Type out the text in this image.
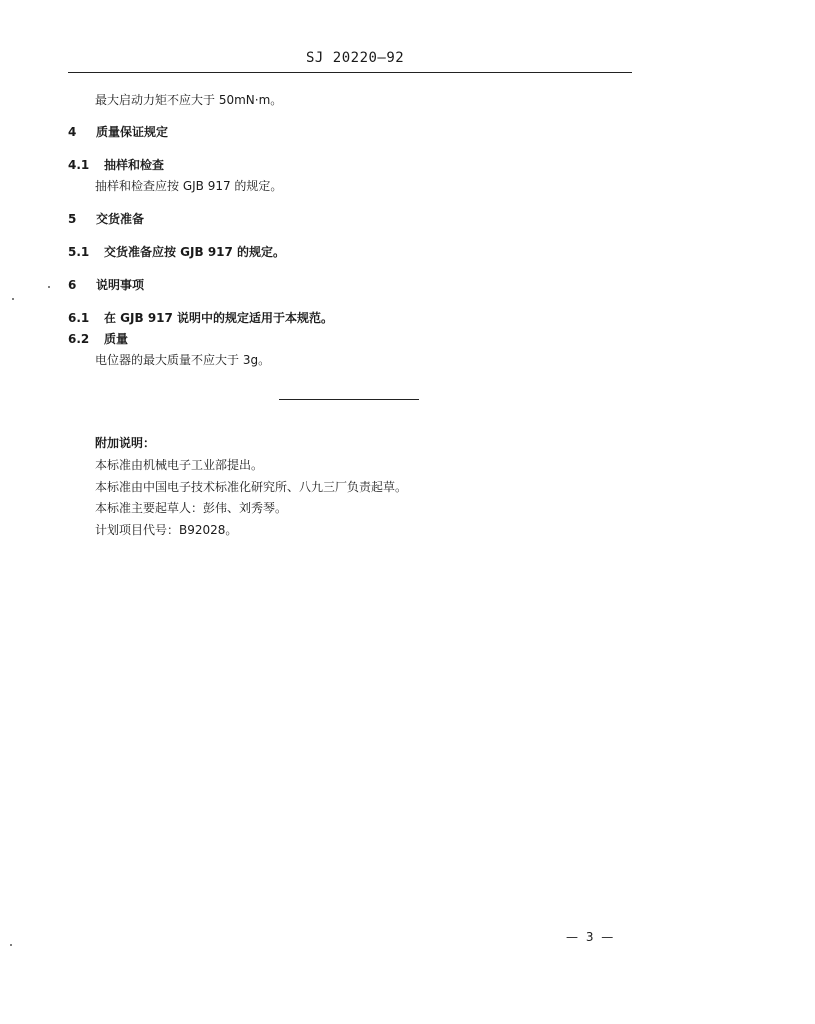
SJ 20220—92
最大启动力矩不应大于 50mN·m。
4 质量保证规定
4.1 抽样和检查
抽样和检查应按 GJB 917 的规定。
5 交货准备
5.1 交货准备应按 GJB 917 的规定。
6 说明事项
6.1 在 GJB 917 说明中的规定适用于本规范。
6.2 质量
电位器的最大质量不应大于 3g。
附加说明：
本标准由机械电子工业部提出。
本标准由中国电子技术标准化研究所、八九三厂负责起草。
本标准主要起草人：彭伟、刘秀琴。
计划项目代号：B92028。
— 3 —
